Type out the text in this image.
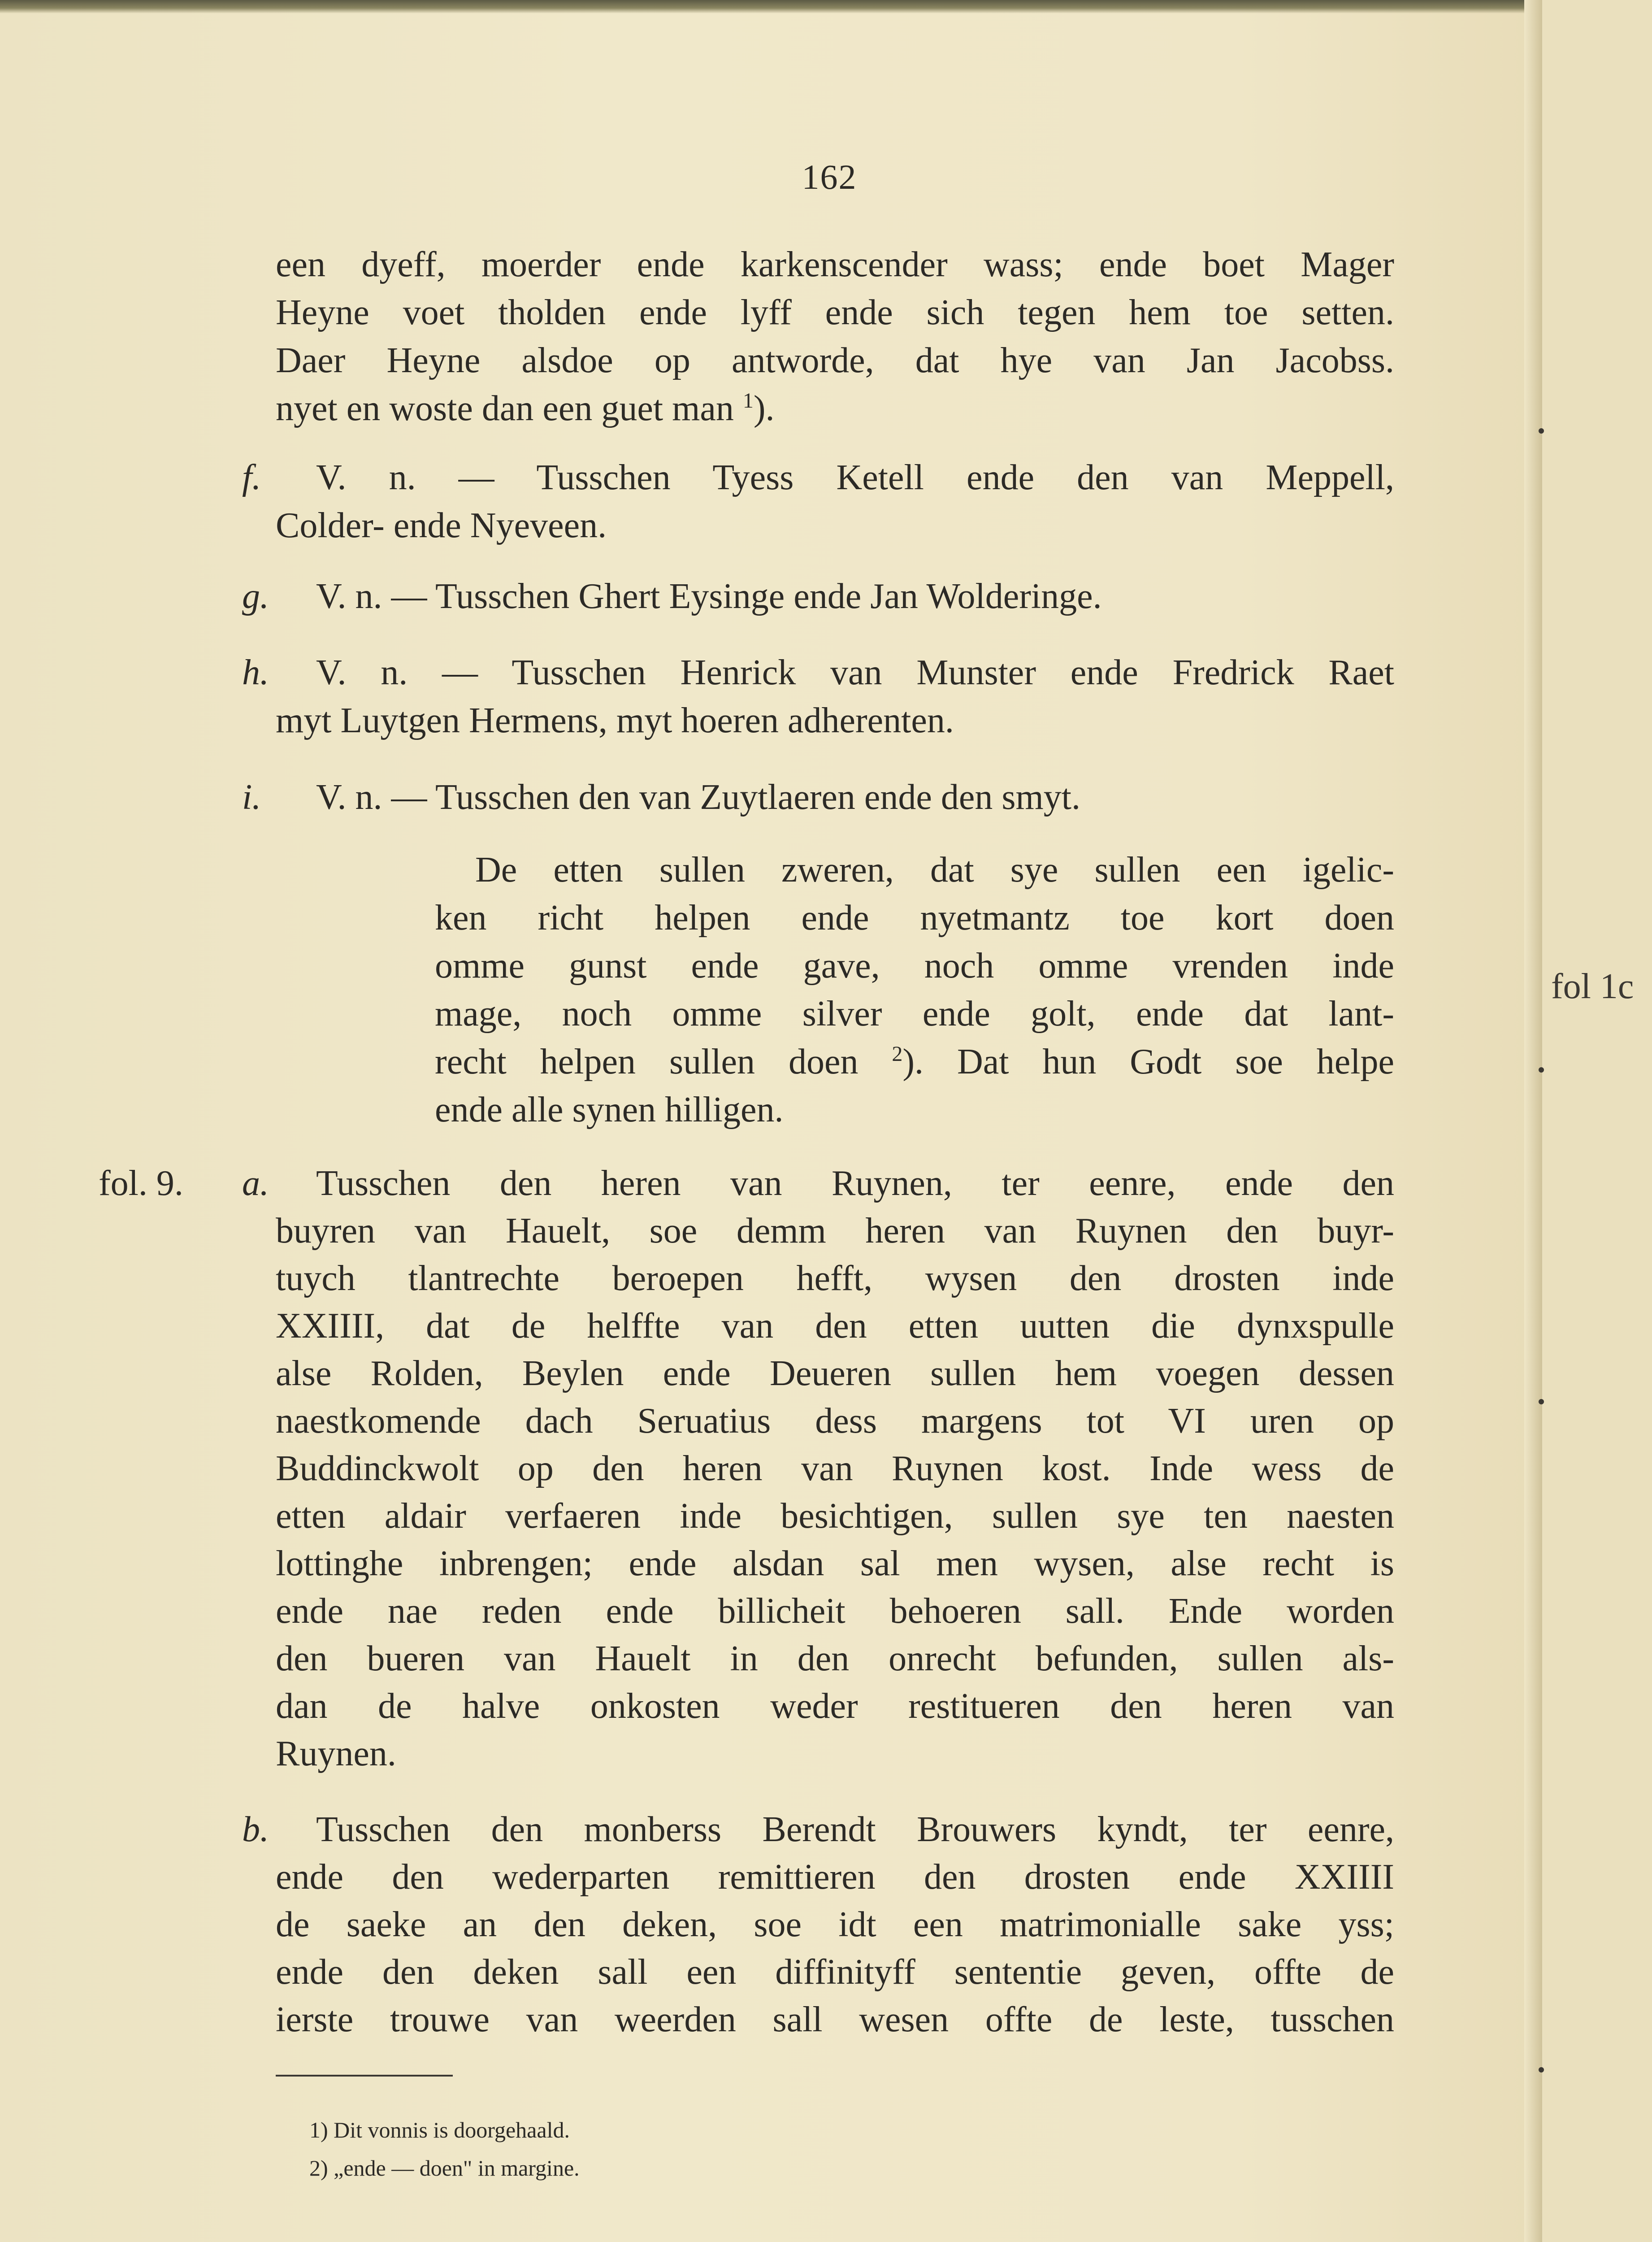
162
een dyeff, moerder ende karkenscender wass; ende boet Mager
Heyne voet tholden ende lyff ende sich tegen hem toe setten.
Daer Heyne alsdoe op antworde, dat hye van Jan Jacobss.
nyet en woste dan een guet man $^1$).
f. V. n. — Tusschen Tyess Ketell ende den van Meppell,
Colder- ende Nyeveen.
g. V. n. — Tusschen Ghert Eysinge ende Jan Wolderinge.
h. V. n. — Tusschen Henrick van Munster ende Fredrick Raet
myt Luytgen Hermens, myt hoeren adherenten.
i. V. n. — Tusschen den van Zuytlaeren ende den smyt.
De etten sullen zweren, dat sye sullen een igelic-
ken richt helpen ende nyetmantz toe kort doen
omme gunst ende gave, noch omme vrenden inde
mage, noch omme silver ende golt, ende dat lant-
recht helpen sullen doen $^2$). Dat hun Godt soe helpe
ende alle synen hilligen.
fol. 9. a. Tusschen den heren van Ruynen, ter eenre, ende den
buyren van Hauelt, soe demm heren van Ruynen den buyr-
tuych tlantrechte beroepen hefft, wysen den drosten inde
XXIIII, dat de helffte van den etten uutten die dynxspulle
alse Rolden, Beylen ende Deueren sullen hem voegen dessen
naestkomende dach Seruatius dess margens tot VI uren op
Buddinckwolt op den heren van Ruynen kost. Inde wess de
etten aldair verfaeren inde besichtigen, sullen sye ten naesten
lottinghe inbrengen; ende alsdan sal men wysen, alse recht is
ende nae reden ende billicheit behoeren sall. Ende worden
den bueren van Hauelt in den onrecht befunden, sullen als-
dan de halve onkosten weder restitueren den heren van
Ruynen.
b. Tusschen den monberss Berendt Brouwers kyndt, ter eenre,
ende den wederparten remittieren den drosten ende XXIIII
de saeke an den deken, soe idt een matrimonialle sake yss;
ende den deken sall een diffinityff sententie geven, offte de
ierste trouwe van weerden sall wesen offte de leste, tusschen
1) Dit vonnis is doorgehaald.
2) „ende — doen" in margine.
fol 1c
